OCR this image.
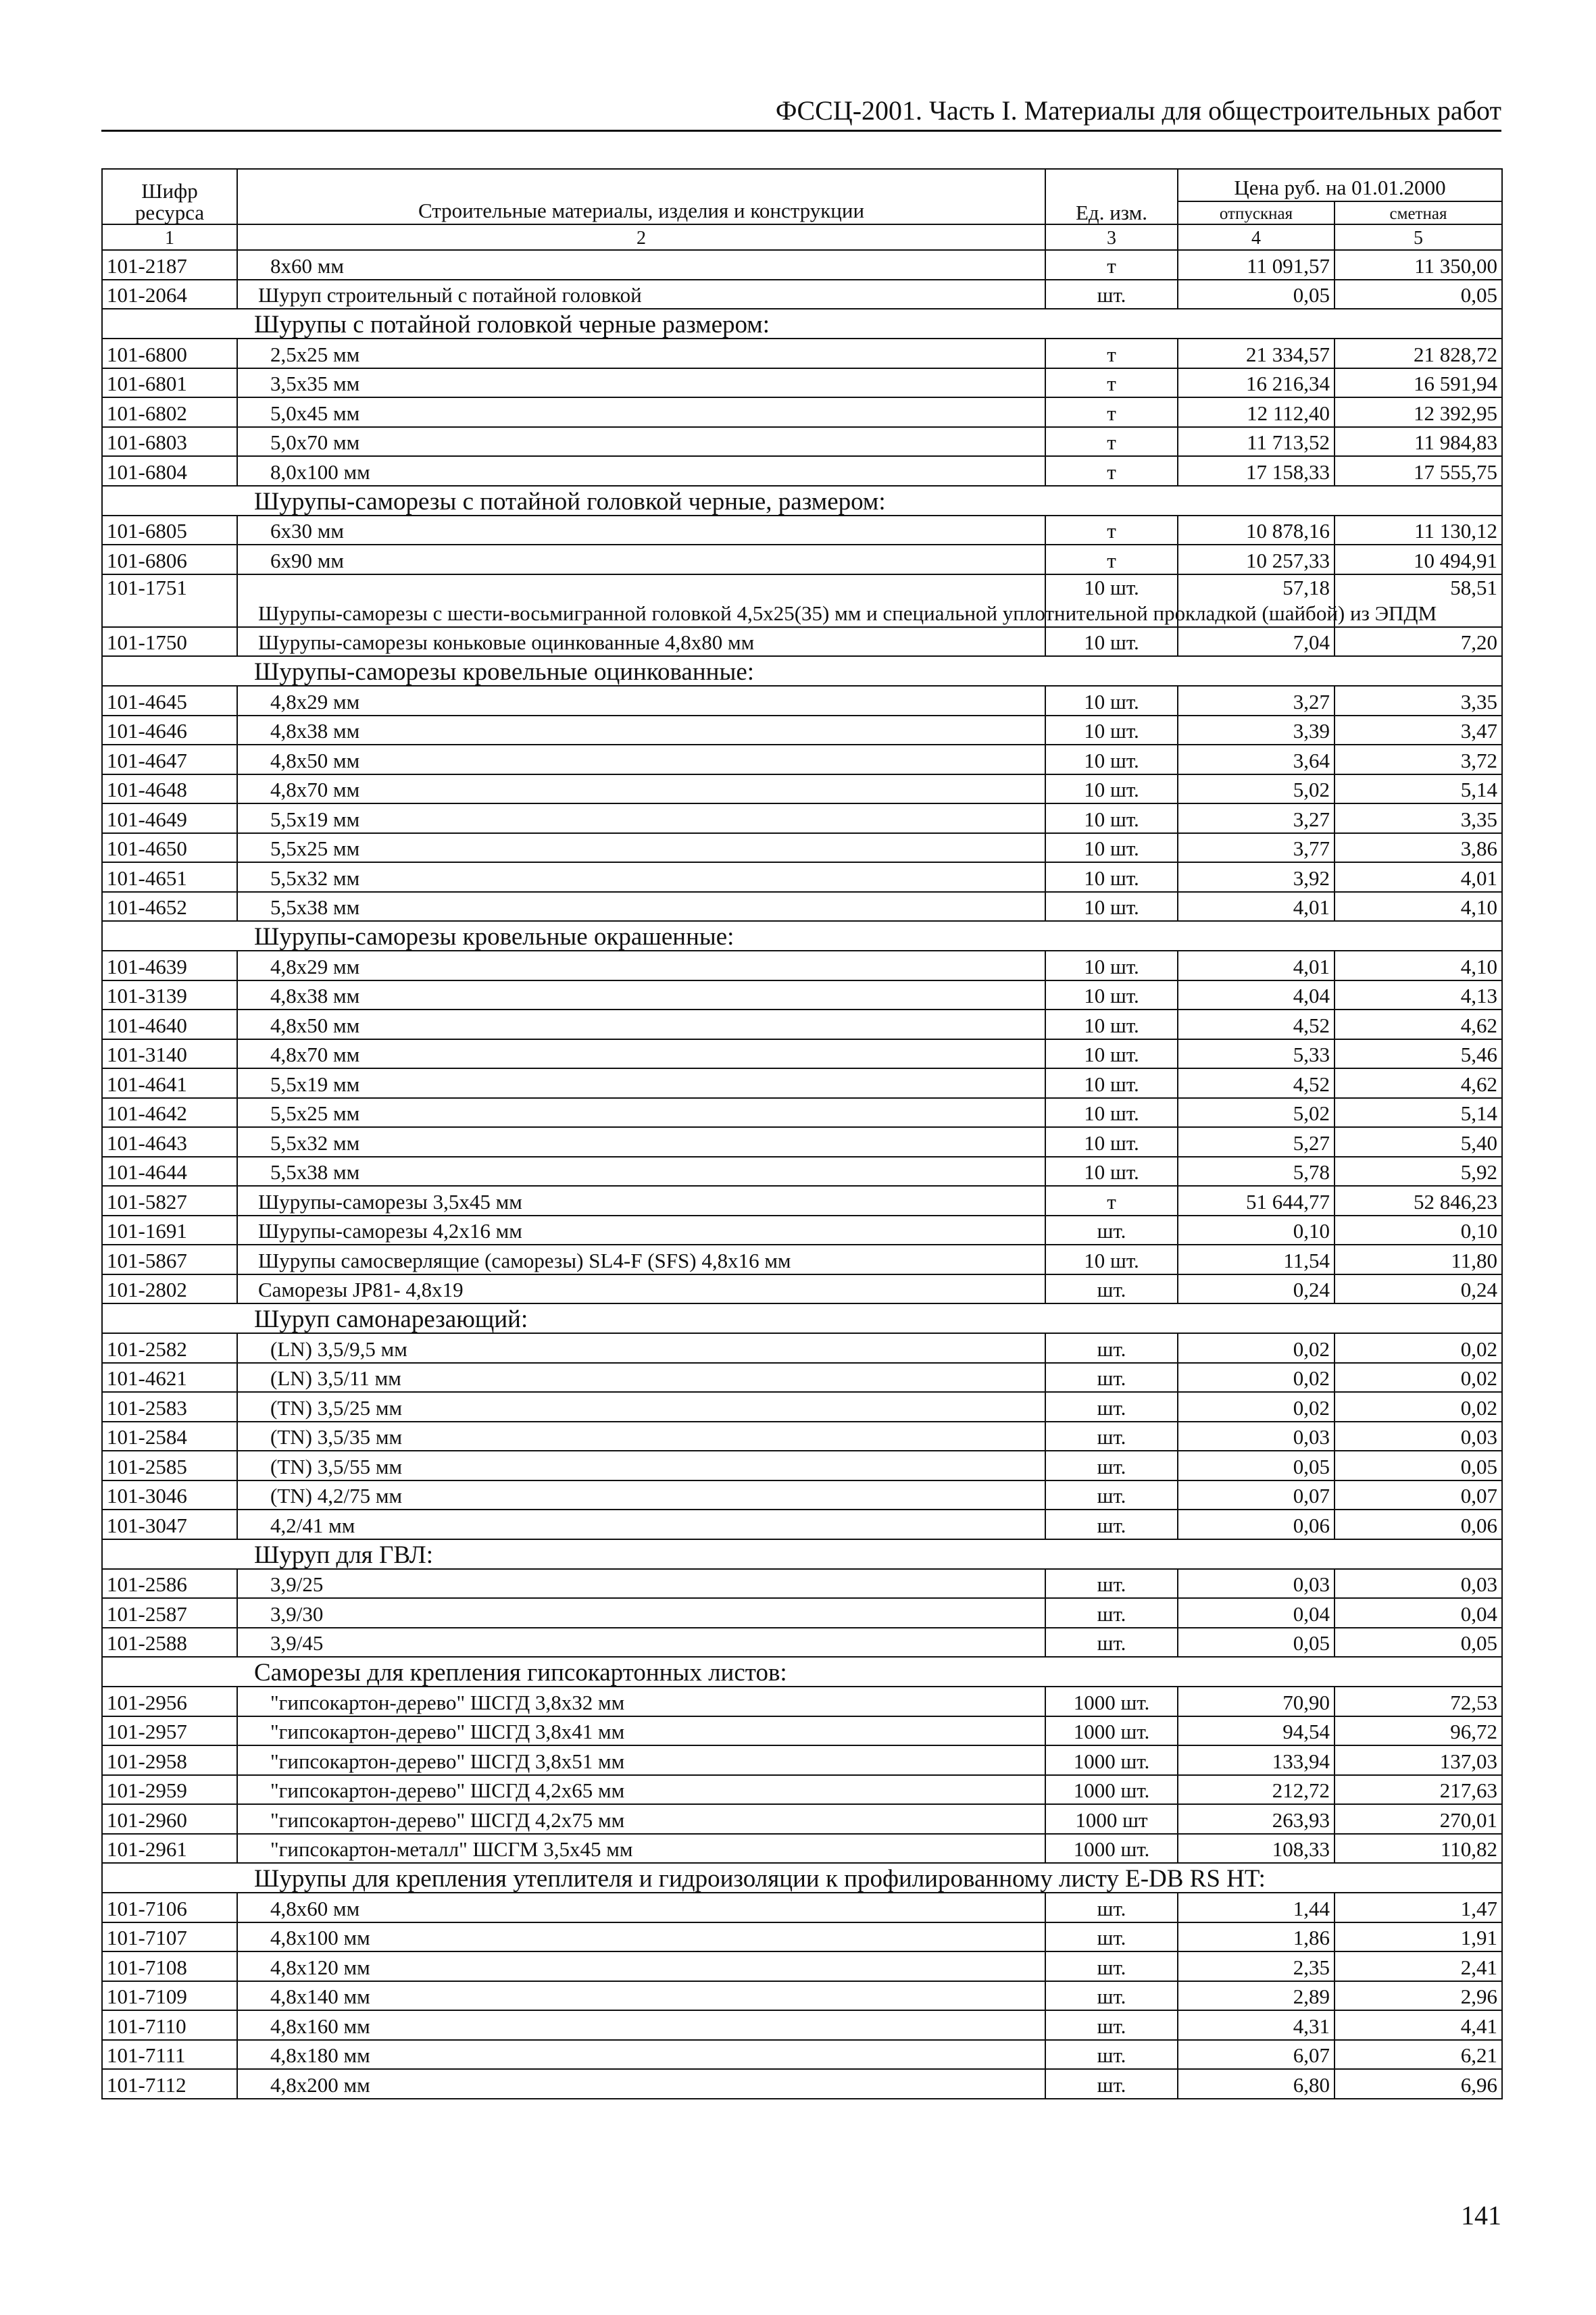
ФССЦ-2001. Часть I. Материалы для общестроительных работ
Шифр ресурса	Строительные материалы, изделия и конструкции	Ед. изм.	Цена руб. на 01.01.2000	
			отпускная	сметная
1	2	3	4	5
101-2187	8х60 мм	т	11 091,57	11 350,00
101-2064	Шуруп строительный с потайной головкой	шт.	0,05	0,05
Шурупы с потайной головкой черные размером:				
101-6800	2,5х25 мм	т	21 334,57	21 828,72
101-6801	3,5х35 мм	т	16 216,34	16 591,94
101-6802	5,0х45 мм	т	12 112,40	12 392,95
101-6803	5,0х70 мм	т	11 713,52	11 984,83
101-6804	8,0х100 мм	т	17 158,33	17 555,75
Шурупы-саморезы с потайной головкой черные, размером:				
101-6805	6х30 мм	т	10 878,16	11 130,12
101-6806	6х90 мм	т	10 257,33	10 494,91
101-1751	Шурупы-саморезы с шести-восьмигранной головкой 4,5х25(35) мм и специальной уплотнительной прокладкой (шайбой) из ЭПДМ	10 шт.	57,18	58,51
101-1750	Шурупы-саморезы коньковые оцинкованные 4,8х80 мм	10 шт.	7,04	7,20
Шурупы-саморезы кровельные оцинкованные:				
101-4645	4,8х29 мм	10 шт.	3,27	3,35
101-4646	4,8х38 мм	10 шт.	3,39	3,47
101-4647	4,8х50 мм	10 шт.	3,64	3,72
101-4648	4,8х70 мм	10 шт.	5,02	5,14
101-4649	5,5х19 мм	10 шт.	3,27	3,35
101-4650	5,5х25 мм	10 шт.	3,77	3,86
101-4651	5,5х32 мм	10 шт.	3,92	4,01
101-4652	5,5х38 мм	10 шт.	4,01	4,10
Шурупы-саморезы кровельные окрашенные:				
101-4639	4,8х29 мм	10 шт.	4,01	4,10
101-3139	4,8х38 мм	10 шт.	4,04	4,13
101-4640	4,8х50 мм	10 шт.	4,52	4,62
101-3140	4,8х70 мм	10 шт.	5,33	5,46
101-4641	5,5х19 мм	10 шт.	4,52	4,62
101-4642	5,5х25 мм	10 шт.	5,02	5,14
101-4643	5,5х32 мм	10 шт.	5,27	5,40
101-4644	5,5х38 мм	10 шт.	5,78	5,92
101-5827	Шурупы-саморезы 3,5х45 мм	т	51 644,77	52 846,23
101-1691	Шурупы-саморезы 4,2х16 мм	шт.	0,10	0,10
101-5867	Шурупы самосверлящие (саморезы) SL4-F (SFS) 4,8х16 мм	10 шт.	11,54	11,80
101-2802	Саморезы JP81- 4,8х19	шт.	0,24	0,24
Шуруп самонарезающий:				
101-2582	(LN) 3,5/9,5 мм	шт.	0,02	0,02
101-4621	(LN) 3,5/11 мм	шт.	0,02	0,02
101-2583	(TN) 3,5/25 мм	шт.	0,02	0,02
101-2584	(TN) 3,5/35 мм	шт.	0,03	0,03
101-2585	(TN) 3,5/55 мм	шт.	0,05	0,05
101-3046	(TN) 4,2/75 мм	шт.	0,07	0,07
101-3047	4,2/41 мм	шт.	0,06	0,06
Шуруп для ГВЛ:				
101-2586	3,9/25	шт.	0,03	0,03
101-2587	3,9/30	шт.	0,04	0,04
101-2588	3,9/45	шт.	0,05	0,05
Саморезы для крепления гипсокартонных листов:				
101-2956	"гипсокартон-дерево" ШСГД 3,8х32 мм	1000 шт.	70,90	72,53
101-2957	"гипсокартон-дерево" ШСГД 3,8х41 мм	1000 шт.	94,54	96,72
101-2958	"гипсокартон-дерево" ШСГД 3,8х51 мм	1000 шт.	133,94	137,03
101-2959	"гипсокартон-дерево" ШСГД 4,2х65 мм	1000 шт.	212,72	217,63
101-2960	"гипсокартон-дерево" ШСГД 4,2х75 мм	1000 шт	263,93	270,01
101-2961	"гипсокартон-металл" ШСГМ 3,5х45 мм	1000 шт.	108,33	110,82
Шурупы для крепления утеплителя и гидроизоляции к профилированному листу E-DB RS HT:				
101-7106	4,8х60 мм	шт.	1,44	1,47
101-7107	4,8х100 мм	шт.	1,86	1,91
101-7108	4,8х120 мм	шт.	2,35	2,41
101-7109	4,8х140 мм	шт.	2,89	2,96
101-7110	4,8х160 мм	шт.	4,31	4,41
101-7111	4,8х180 мм	шт.	6,07	6,21
101-7112	4,8х200 мм	шт.	6,80	6,96
141
